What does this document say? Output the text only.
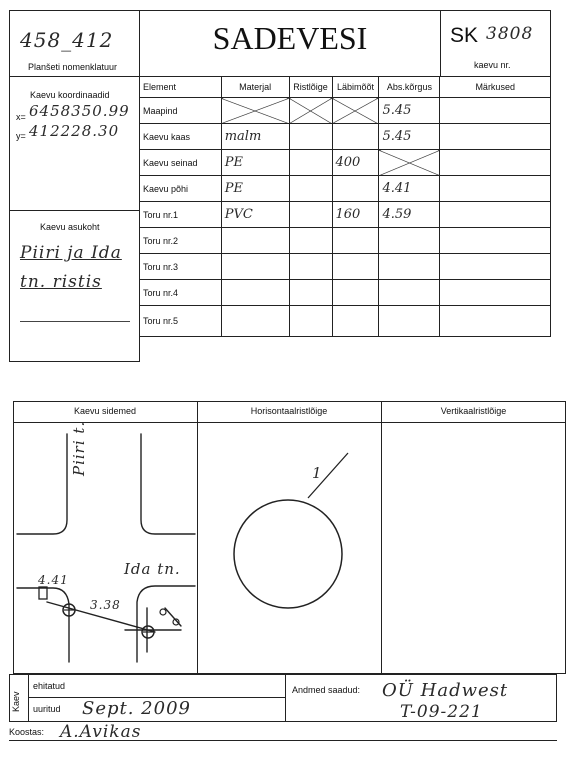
458_412
Planšeti nomenklatuur
SADEVESI	SK 3808
kaevu nr.
Kaevu koordinaadid
x= 6458350.99
y= 412228.30
Kaevu asukoht
Piiri ja Ida
tn. ristis
Element	Materjal	Ristlõige	Läbimõõt	Abs.kõrgus	Märkused
Maapind				5.45	
Kaevu kaas	malm			5.45	
Kaevu seinad	PE		400		
Kaevu põhi	PE			4.41	
Toru nr.1	PVC		160	4.59	
Toru nr.2					
Toru nr.3					
Toru nr.4					
Toru nr.5					
Kaevu sidemed	Horisontaalristlõige	Vertikaalristlõige
Piiri t.
Ida tn.
4.41
3.38
1
Kaev
ehitatud
uuritud Sept. 2009
Andmed saadud: OÜ Hadwest
T-09-221
Koostas: A.Avikas
